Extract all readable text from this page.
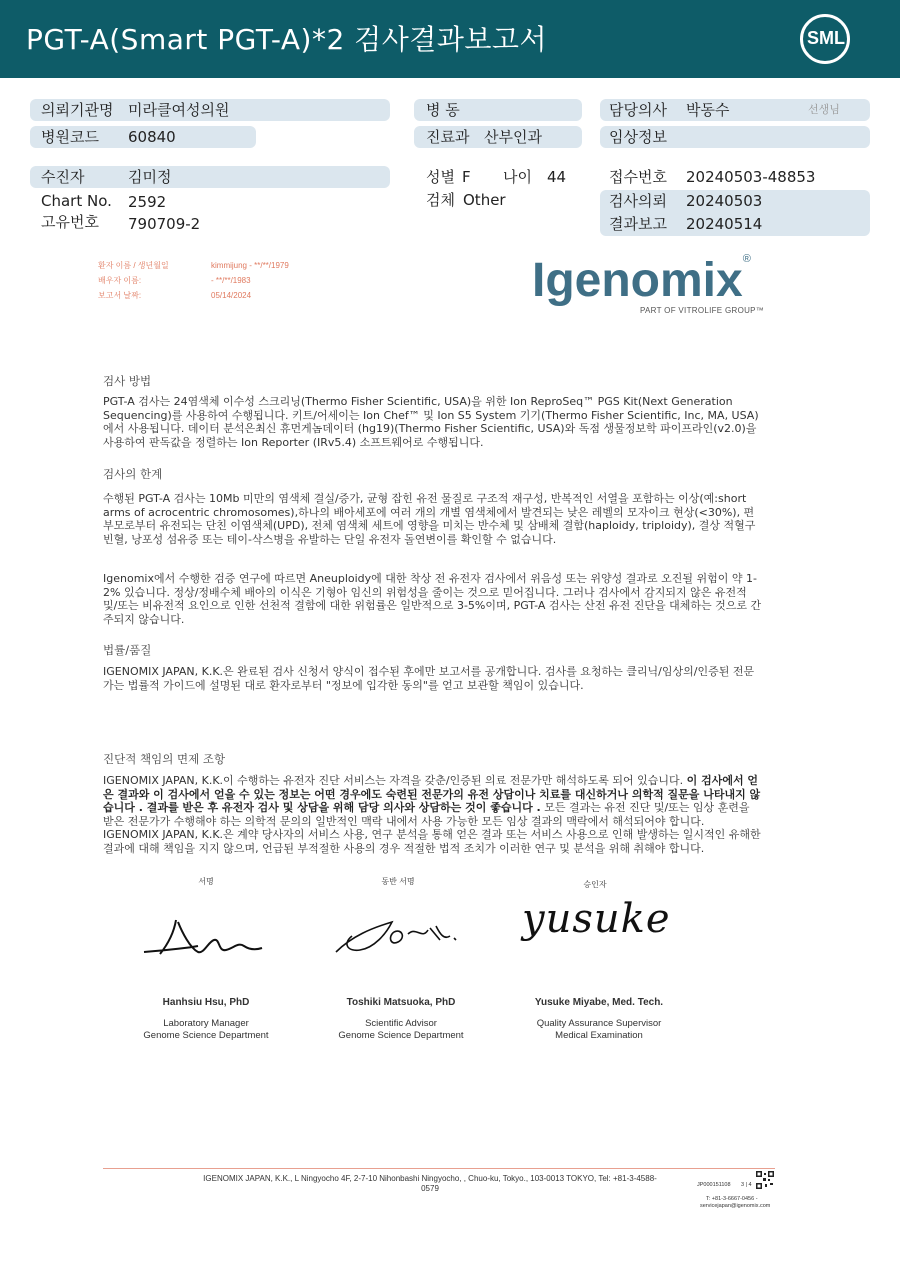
PGT-A(Smart PGT-A)*2 검사결과보고서	SML
의뢰기관명 미라클여성의원
병원코드 60840
병 동
진료과 산부인과
담당의사 박동수	선생님
임상정보
수진자	김미정
Chart No. 2592
고유번호 790709-2
성별 F 나이 44
검체 Other
접수번호 20240503-48853
검사의뢰 20240503
결과보고 20240514
환자 이름 / 생년월일	kimmijung - **/**/1979
배우자 이름:	- **/**/1983
보고서 날짜:	05/14/2024	Igenomix®
PART OF VITROLIFE GROUP™
검사 방법
PGT-A 검사는 24염색체 이수성 스크리닝(Thermo Fisher Scientific, USA)을 위한 Ion ReproSeq™ PGS Kit(Next Generation Sequencing)를 사용하여 수행됩니다. 키트/어세이는 Ion Chef™ 및 Ion S5 System 기기(Thermo Fisher Scientific, Inc, MA, USA)에서 사용됩니다. 데이터 분석은최신 휴먼게놈데이터 (hg19)(Thermo Fisher Scientific, USA)와 독점 생물정보학 파이프라인(v2.0)을 사용하여 판독값을 정렬하는 Ion Reporter (IRv5.4) 소프트웨어로 수행됩니다.
검사의 한계
수행된 PGT-A 검사는 10Mb 미만의 염색체 결실/증가, 균형 잡힌 유전 물질로 구조적 재구성, 반복적인 서열을 포함하는 이상(예:short arms of acrocentric chromosomes),하나의 배아세포에 여러 개의 개별 염색체에서 발견되는 낮은 레벨의 모자이크 현상(<30%), 편부모로부터 유전되는 단친 이염색체(UPD), 전체 염색체 세트에 영향을 미치는 반수체 및 삼배체 결함(haploidy, triploidy), 결상 적혈구 빈혈, 낭포성 섬유증 또는 테이-삭스병을 유발하는 단일 유전자 돌연변이를 확인할 수 없습니다.
Igenomix에서 수행한 검증 연구에 따르면 Aneuploidy에 대한 착상 전 유전자 검사에서 위음성 또는 위양성 결과로 오진될 위험이 약 1-2% 있습니다. 정상/정배수체 배아의 이식은 기형아 임신의 위험성을 줄이는 것으로 믿어집니다. 그러나 검사에서 감지되지 않은 유전적 및/또는 비유전적 요인으로 인한 선천적 결함에 대한 위험률은 일반적으로 3-5%이며, PGT-A 검사는 산전 유전 진단을 대체하는 것으로 간주되지 않습니다.
법률/품질
IGENOMIX JAPAN, K.K.은 완료된 검사 신청서 양식이 접수된 후에만 보고서를 공개합니다. 검사를 요청하는 클리닉/임상의/인증된 전문가는 법률적 가이드에 설명된 대로 환자로부터 "정보에 입각한 동의"를 얻고 보관할 책임이 있습니다.
진단적 책임의 면제 조항
IGENOMIX JAPAN, K.K.이 수행하는 유전자 진단 서비스는 자격을 갖춘/인증된 의료 전문가만 해석하도록 되어 있습니다. 이 검사에서 얻은 결과와 이 검사에서 얻을 수 있는 정보는 어떤 경우에도 숙련된 전문가의 유전 상담이나 치료를 대신하거나 의학적 질문을 나타내지 않습니다 . 결과를 받은 후 유전자 검사 및 상담을 위해 담당 의사와 상담하는 것이 좋습니다 . 모든 결과는 유전 진단 및/또는 임상 훈련을 받은 전문가가 수행해야 하는 의학적 문의의 일반적인 맥락 내에서 사용 가능한 모든 임상 결과의 맥락에서 해석되어야 합니다. IGENOMIX JAPAN, K.K.은 계약 당사자의 서비스 사용, 연구 분석을 통해 얻은 결과 또는 서비스 사용으로 인해 발생하는 일시적인 유해한 결과에 대해 책임을 지지 않으며, 언급된 부적절한 사용의 경우 적절한 법적 조치가 이러한 연구 및 분석을 위해 취해야 합니다.
서명	동반 서명	승인자
yusuke
Hanhsiu Hsu, PhD
Laboratory Manager
Genome Science Department
Toshiki Matsuoka, PhD
Scientific Advisor
Genome Science Department
Yusuke Miyabe, Med. Tech.
Quality Assurance Supervisor
Medical Examination
IGENOMIX JAPAN, K.K., L Ningyocho 4F, 2-7-10 Nihonbashi Ningyocho, , Chuo-ku, Tokyo., 103-0013 TOKYO, Tel: +81-3-4588-0579	JP000151108 3 | 4
T: +81-3-6667-0456 -
servicejapan@igenomix.com
